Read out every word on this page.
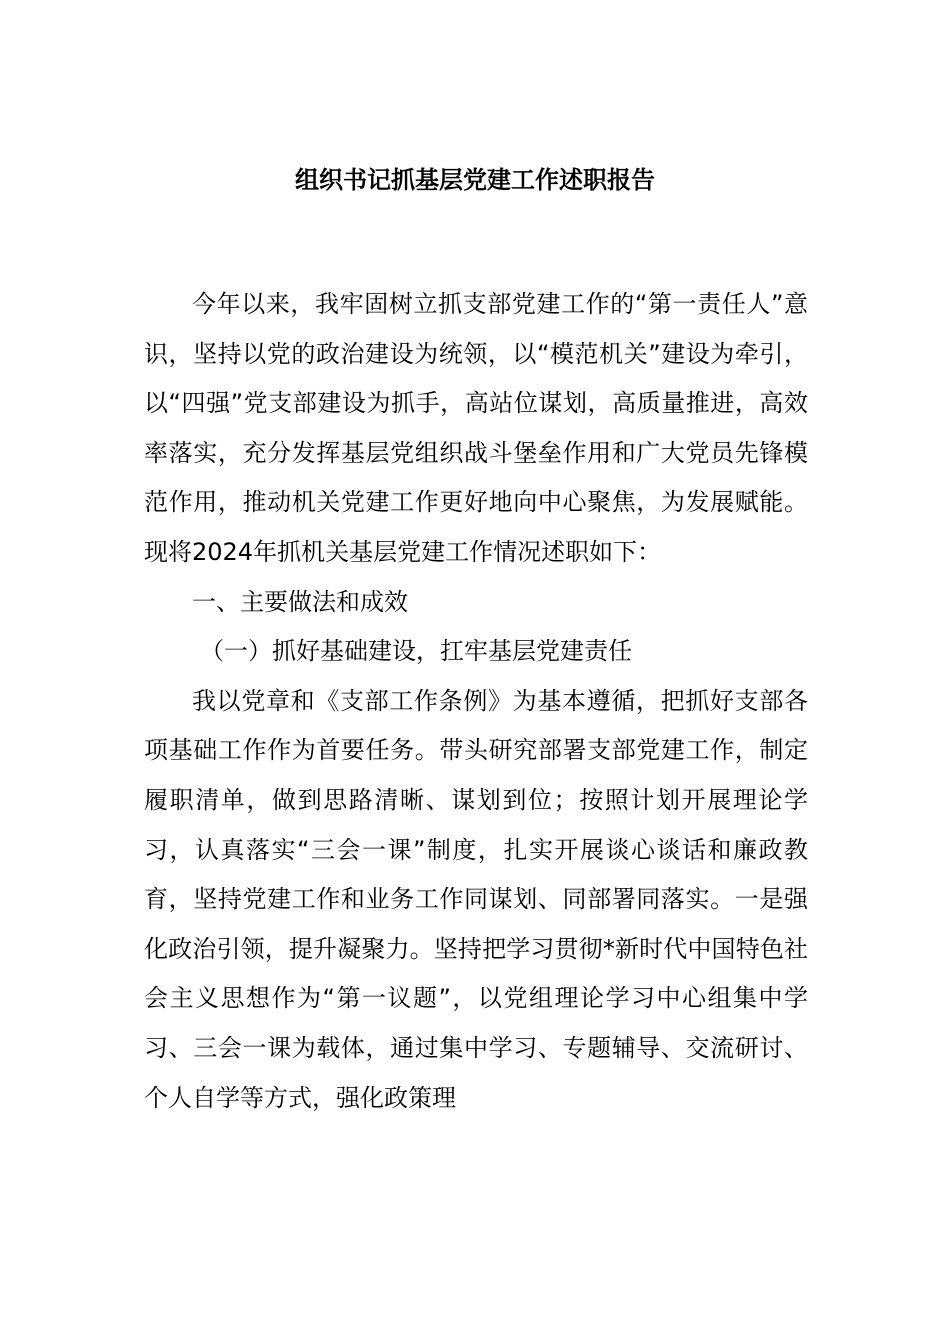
组织书记抓基层党建工作述职报告

今年以来，我牢固树立抓支部党建工作的“第一责任人”意识，坚持以党的政治建设为统领，以“模范机关”建设为牵引，以“四强”党支部建设为抓手，高站位谋划，高质量推进，高效率落实，充分发挥基层党组织战斗堡垒作用和广大党员先锋模范作用，推动机关党建工作更好地向中心聚焦，为发展赋能。现将2024年抓机关基层党建工作情况述职如下：

一、主要做法和成效

（一）抓好基础建设，扛牢基层党建责任

我以党章和《支部工作条例》为基本遵循，把抓好支部各项基础工作作为首要任务。带头研究部署支部党建工作，制定履职清单，做到思路清晰、谋划到位；按照计划开展理论学习，认真落实“三会一课”制度，扎实开展谈心谈话和廉政教育，坚持党建工作和业务工作同谋划、同部署同落实。一是强化政治引领，提升凝聚力。坚持把学习贯彻*新时代中国特色社会主义思想作为“第一议题”，以党组理论学习中心组集中学习、三会一课为载体，通过集中学习、专题辅导、交流研讨、个人自学等方式，强化政策理
